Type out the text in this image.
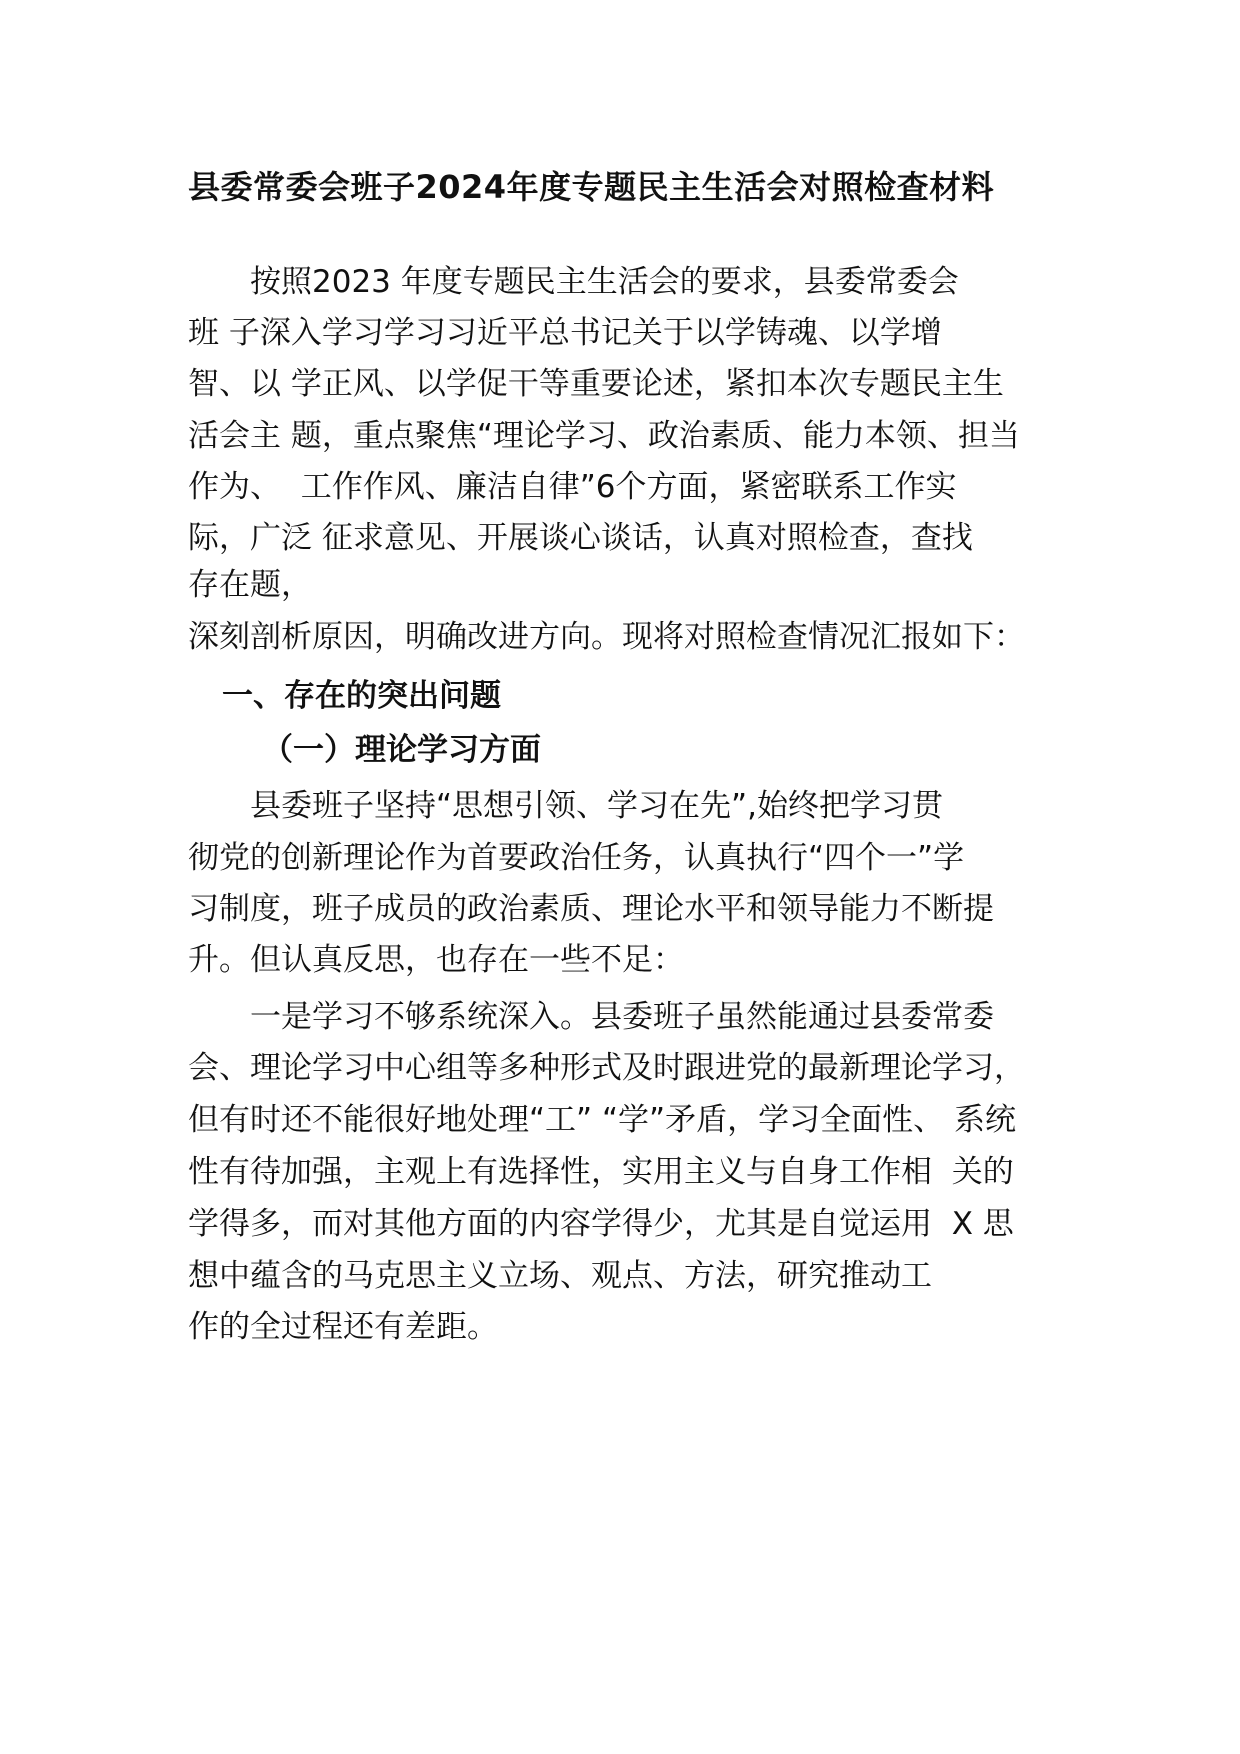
县委常委会班子2024年度专题民主生活会对照检查材料
　　按照2023 年度专题民主生活会的要求，县委常委会
班 子深入学习学习习近平总书记关于以学铸魂、以学增
智、以 学正风、以学促干等重要论述，紧扣本次专题民主生
活会主 题，重点聚焦“理论学习、政治素质、能力本领、担当
作为、  工作作风、廉洁自律”6个方面，紧密联系工作实
际，广泛 征求意见、开展谈心谈话，认真对照检查，查找
存在题，
深刻剖析原因，明确改进方向。现将对照检查情况汇报如下：
一、存在的突出问题
（一）理论学习方面
　　县委班子坚持“思想引领、学习在先”,始终把学习贯
彻党的创新理论作为首要政治任务，认真执行“四个一”学
习制度，班子成员的政治素质、理论水平和领导能力不断提
升。但认真反思，也存在一些不足：
　　一是学习不够系统深入。县委班子虽然能通过县委常委
会、理论学习中心组等多种形式及时跟进党的最新理论学习，
但有时还不能很好地处理“工” “学”矛盾，学习全面性、 系统
性有待加强，主观上有选择性，实用主义与自身工作相  关的
学得多，而对其他方面的内容学得少，尤其是自觉运用  X 思
想中蕴含的马克思主义立场、观点、方法，研究推动工
作的全过程还有差距。
